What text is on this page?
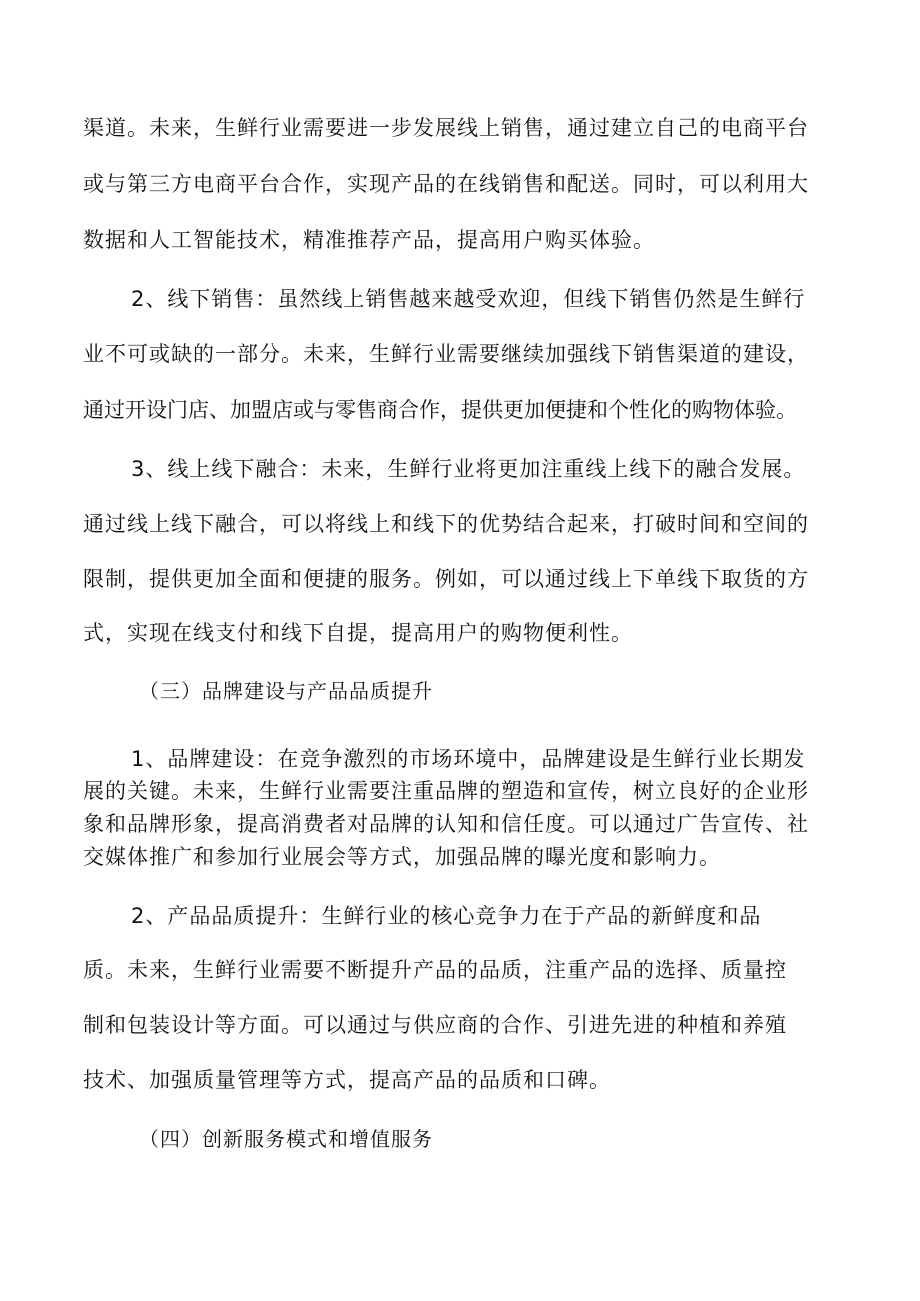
渠道。未来，生鲜行业需要进一步发展线上销售，通过建立自己的电商平台
或与第三方电商平台合作，实现产品的在线销售和配送。同时，可以利用大
数据和人工智能技术，精准推荐产品，提高用户购买体验。
2、线下销售：虽然线上销售越来越受欢迎，但线下销售仍然是生鲜行
业不可或缺的一部分。未来，生鲜行业需要继续加强线下销售渠道的建设，
通过开设门店、加盟店或与零售商合作，提供更加便捷和个性化的购物体验。
3、线上线下融合：未来，生鲜行业将更加注重线上线下的融合发展。
通过线上线下融合，可以将线上和线下的优势结合起来，打破时间和空间的
限制，提供更加全面和便捷的服务。例如，可以通过线上下单线下取货的方
式，实现在线支付和线下自提，提高用户的购物便利性。
（三）品牌建设与产品品质提升
1、品牌建设：在竞争激烈的市场环境中，品牌建设是生鲜行业长期发
展的关键。未来，生鲜行业需要注重品牌的塑造和宣传，树立良好的企业形
象和品牌形象，提高消费者对品牌的认知和信任度。可以通过广告宣传、社
交媒体推广和参加行业展会等方式，加强品牌的曝光度和影响力。
2、产品品质提升：生鲜行业的核心竞争力在于产品的新鲜度和品
质。未来，生鲜行业需要不断提升产品的品质，注重产品的选择、质量控
制和包装设计等方面。可以通过与供应商的合作、引进先进的种植和养殖
技术、加强质量管理等方式，提高产品的品质和口碑。
（四）创新服务模式和增值服务
